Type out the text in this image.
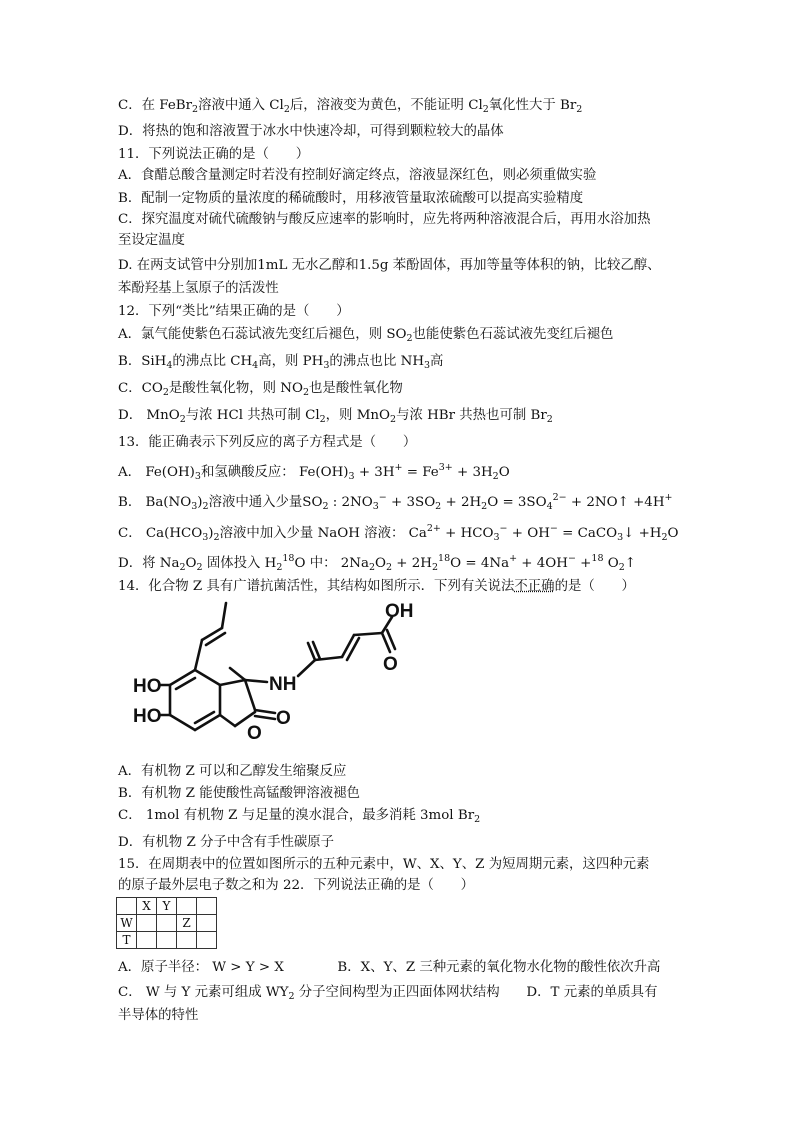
C．在 FeBr$_2$溶液中通入 $Cl_2$后，溶液变为黄色，不能证明 $Cl_2$氧化性大于 $Br_2$
D．将热的饱和溶液置于冰水中快速冷却，可得到颗粒较大的晶体
11．下列说法正确的是（　　）
A．食醋总酸含量测定时若没有控制好滴定终点，溶液显深红色，则必须重做实验
B．配制一定物质的量浓度的稀硫酸时，用移液管量取浓硫酸可以提高实验精度
C．探究温度对硫代硫酸钠与酸反应速率的影响时，应先将两种溶液混合后，再用水浴加热
至设定温度
D. 在两支试管中分别加1mL 无水乙醇和1.5g 苯酚固体，再加等量等体积的钠，比较乙醇、
苯酚羟基上氢原子的活泼性
12．下列“类比”结果正确的是（　　）
A．氯气能使紫色石蕊试液先变红后褪色，则 $SO_2$也能使紫色石蕊试液先变红后褪色
B．SiH$_4$的沸点比 $CH_4$高，则 $PH_3$的沸点也比 $NH_3$高
C．$CO_2$是酸性氧化物，则 $NO_2$也是酸性氧化物
D． MnO$_2$与浓 HCl 共热可制 $Cl_2$，则 MnO$_2$与浓 HBr 共热也可制 $Br_2$
13．能正确表示下列反应的离子方程式是（　　）
A． $Fe(OH)_3$和氢碘酸反应： $Fe(OH)_3 + 3H^+ = Fe^{3+} + 3H_2O$
B． $Ba(NO_3)_2$溶液中通入少量$SO_2$ : $2NO_3^- + 3SO_2 + 2H_2O = 3SO_4^{2-}$ + 2NO↑ +4H+
C． $Ca(HCO_3)_2$溶液中加入少量 NaOH 溶液： $Ca^{2+} + HCO_3^- + OH^-$ = CaCO$_3$↓ $+H_2O$
D．将 $Na_2O_2$ 固体投入 $H_2^{18}O$ 中： $2Na_2O_2 + 2H_2^{18}O = 4Na^+ + 4OH^- +^{18}$ $O_2↑$
14．化合物 Z 具有广谱抗菌活性，其结构如图所示．下列有关说法不正确的是（　　）
A．有机物 Z 可以和乙醇发生缩聚反应
B．有机物 Z 能使酸性高锰酸钾溶液褪色
C． 1mol 有机物 Z 与足量的溴水混合，最多消耗 3mol $Br_2$
D．有机物 Z 分子中含有手性碳原子
15．在周期表中的位置如图所示的五种元素中，W、X、Y、Z 为短周期元素，这四种元素
的原子最外层电子数之和为 22．下列说法正确的是（　　）
A．原子半径： W > Y > X　　　　B．X、Y、Z 三种元素的氧化物水化物的酸性依次升高
C． W 与 Y 元素可组成 $WY_2$ 分子空间构型为正四面体网状结构　　D．T 元素的单质具有
半导体的特性
OH
O
NH
O
O
HO
HO
	X	Y		
W			Z	
T				
